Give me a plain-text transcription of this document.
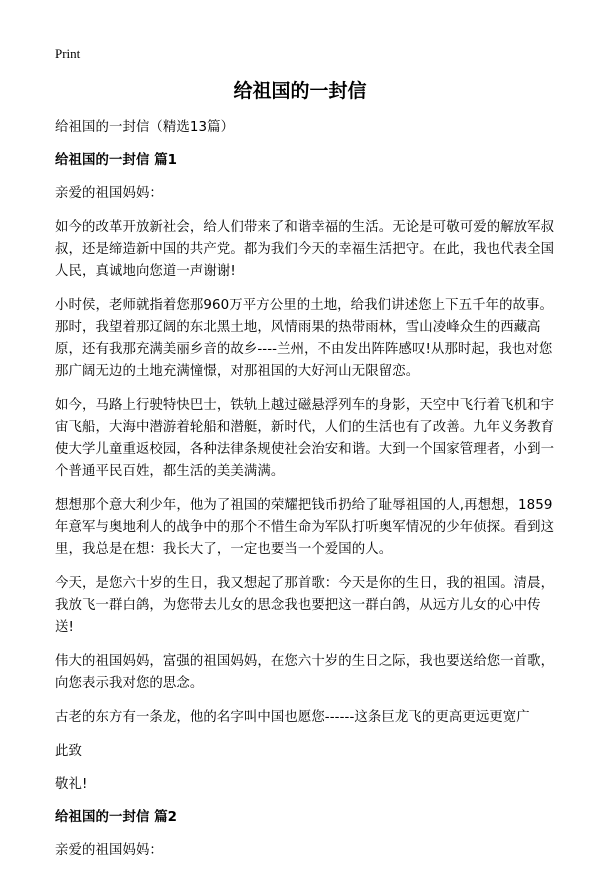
Print
给祖国的一封信

给祖国的一封信（精选13篇）

给祖国的一封信 篇1

亲爱的祖国妈妈：

如今的改革开放新社会，给人们带来了和谐幸福的生活。无论是可敬可爱的解放军叔叔，还是缔造新中国的共产党。都为我们今天的幸福生活把守。在此，我也代表全国人民，真诚地向您道一声谢谢!

小时侯，老师就指着您那960万平方公里的土地，给我们讲述您上下五千年的故事。那时，我望着那辽阔的东北黑土地，风情雨果的热带雨林，雪山凌峰众生的西藏高原，还有我那充满美丽乡音的故乡----兰州，不由发出阵阵感叹!从那时起，我也对您那广阔无边的土地充满憧憬，对那祖国的大好河山无限留恋。

如今，马路上行驶特快巴士，铁轨上越过磁悬浮列车的身影，天空中飞行着飞机和宇宙飞船，大海中潜游着轮船和潜艇，新时代，人们的生活也有了改善。九年义务教育使大学儿童重返校园，各种法律条规使社会治安和谐。大到一个国家管理者，小到一个普通平民百姓，都生活的美美满满。

想想那个意大利少年，他为了祖国的荣耀把钱币扔给了耻辱祖国的人,再想想，1859年意军与奥地利人的战争中的那个不惜生命为军队打听奥军情况的少年侦探。看到这里，我总是在想：我长大了，一定也要当一个爱国的人。

今天，是您六十岁的生日，我又想起了那首歌：今天是你的生日，我的祖国。清晨，我放飞一群白鸽，为您带去儿女的思念我也要把这一群白鸽，从远方儿女的心中传送!

伟大的祖国妈妈，富强的祖国妈妈，在您六十岁的生日之际，我也要送给您一首歌，向您表示我对您的思念。

古老的东方有一条龙，他的名字叫中国也愿您------这条巨龙飞的更高更远更宽广

此致

敬礼!

给祖国的一封信 篇2

亲爱的祖国妈妈：
